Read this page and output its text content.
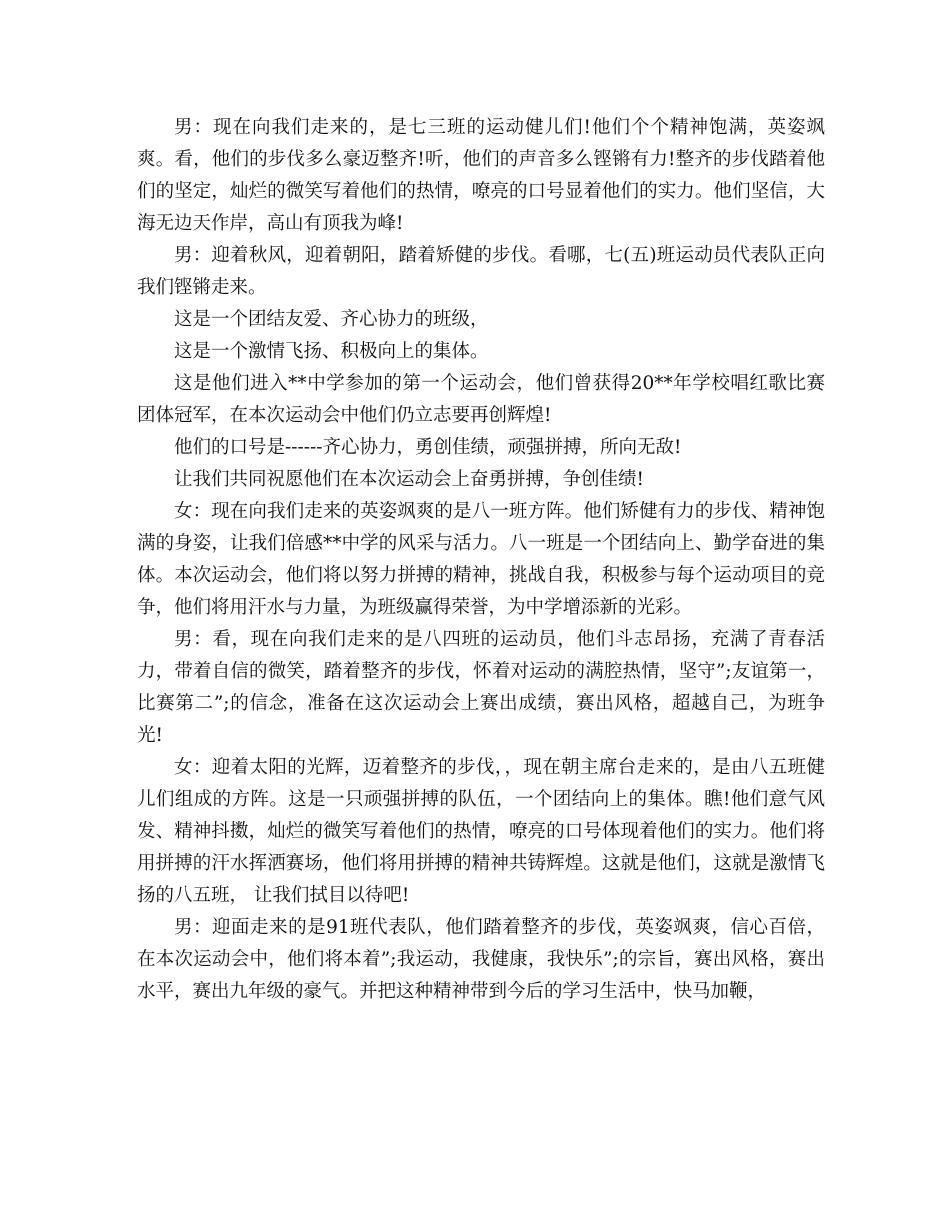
男：现在向我们走来的，是七三班的运动健儿们!他们个个精神饱满，英姿飒爽。看，他们的步伐多么豪迈整齐!听，他们的声音多么铿锵有力!整齐的步伐踏着他们的坚定，灿烂的微笑写着他们的热情，嘹亮的口号显着他们的实力。他们坚信，大海无边天作岸，高山有顶我为峰!

男：迎着秋风，迎着朝阳，踏着矫健的步伐。看哪，七(五)班运动员代表队正向我们铿锵走来。

这是一个团结友爱、齐心协力的班级，

这是一个激情飞扬、积极向上的集体。

这是他们进入**中学参加的第一个运动会，他们曾获得20**年学校唱红歌比赛团体冠军，在本次运动会中他们仍立志要再创辉煌!

他们的口号是------齐心协力，勇创佳绩，顽强拼搏，所向无敌!

让我们共同祝愿他们在本次运动会上奋勇拼搏，争创佳绩!

女：现在向我们走来的英姿飒爽的是八一班方阵。他们矫健有力的步伐、精神饱满的身姿，让我们倍感**中学的风采与活力。八一班是一个团结向上、勤学奋进的集体。本次运动会，他们将以努力拼搏的精神，挑战自我，积极参与每个运动项目的竞争，他们将用汗水与力量，为班级赢得荣誉，为中学增添新的光彩。

男：看，现在向我们走来的是八四班的运动员，他们斗志昂扬，充满了青春活力，带着自信的微笑，踏着整齐的步伐，怀着对运动的满腔热情，坚守”;友谊第一，比赛第二”;的信念，准备在这次运动会上赛出成绩，赛出风格，超越自己，为班争光!

女：迎着太阳的光辉，迈着整齐的步伐，，现在朝主席台走来的，是由八五班健儿们组成的方阵。这是一只顽强拼搏的队伍，一个团结向上的集体。瞧!他们意气风发、精神抖擞，灿烂的微笑写着他们的热情，嘹亮的口号体现着他们的实力。他们将用拼搏的汗水挥洒赛场，他们将用拼搏的精神共铸辉煌。这就是他们，这就是激情飞扬的八五班， 让我们拭目以待吧!

男：迎面走来的是91班代表队，他们踏着整齐的步伐，英姿飒爽，信心百倍，在本次运动会中，他们将本着”;我运动，我健康，我快乐”;的宗旨，赛出风格，赛出水平，赛出九年级的豪气。并把这种精神带到今后的学习生活中，快马加鞭，
